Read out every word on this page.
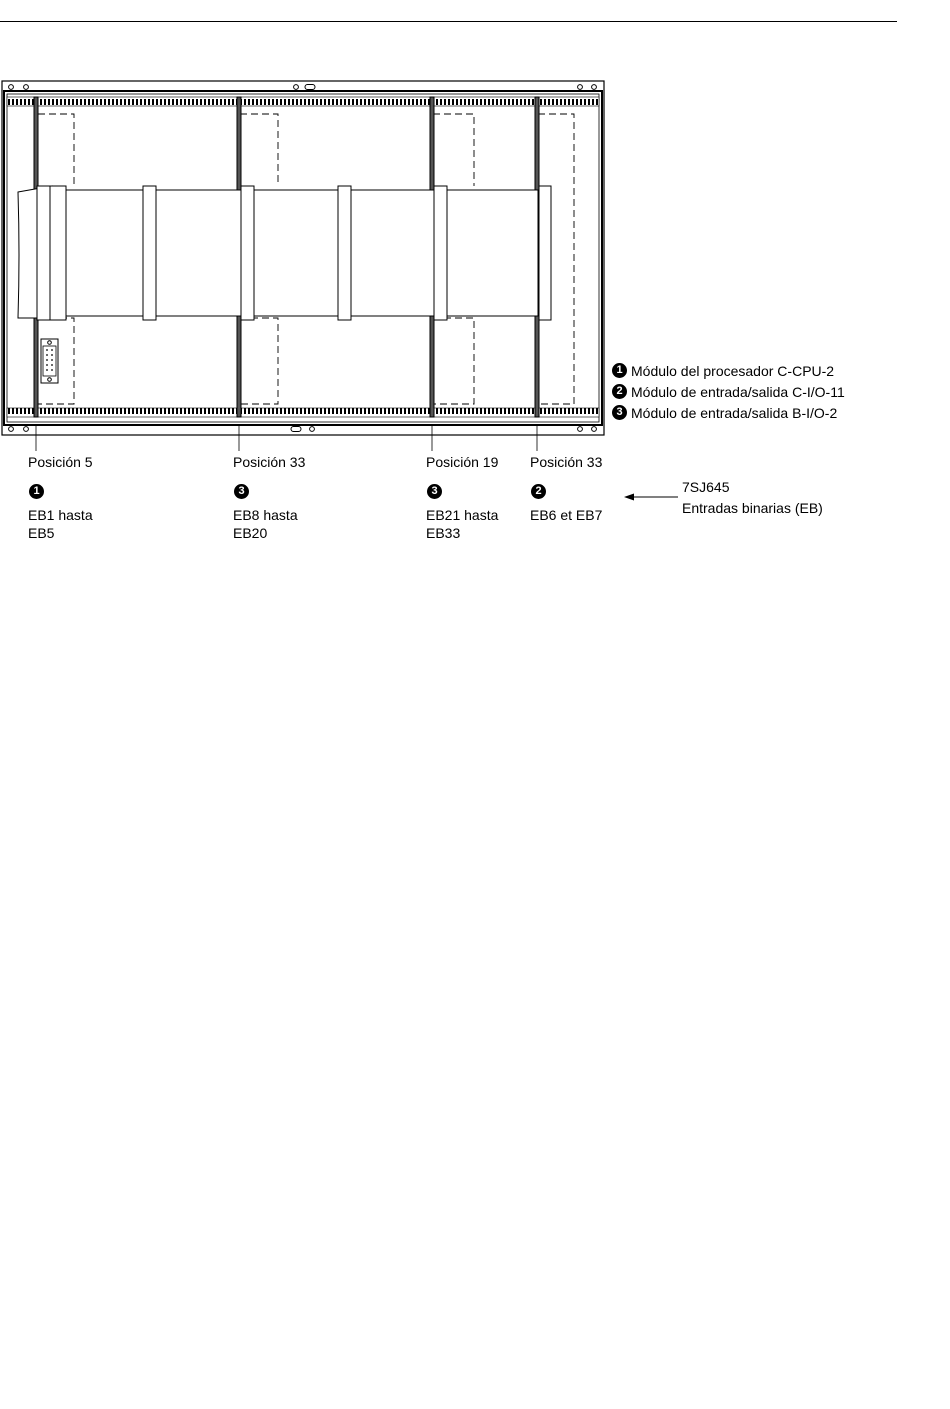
1 Módulo del procesador C-CPU-2
2 Módulo de entrada/salida C-I/O-11
3 Módulo de entrada/salida B-I/O-2
Posición 5
1
EB1 hasta
EB5
Posición 33
3
EB8 hasta
EB20
Posición 19
3
EB21 hasta
EB33
Posición 33
2
EB6 et EB7
7SJ645
Entradas binarias (EB)
